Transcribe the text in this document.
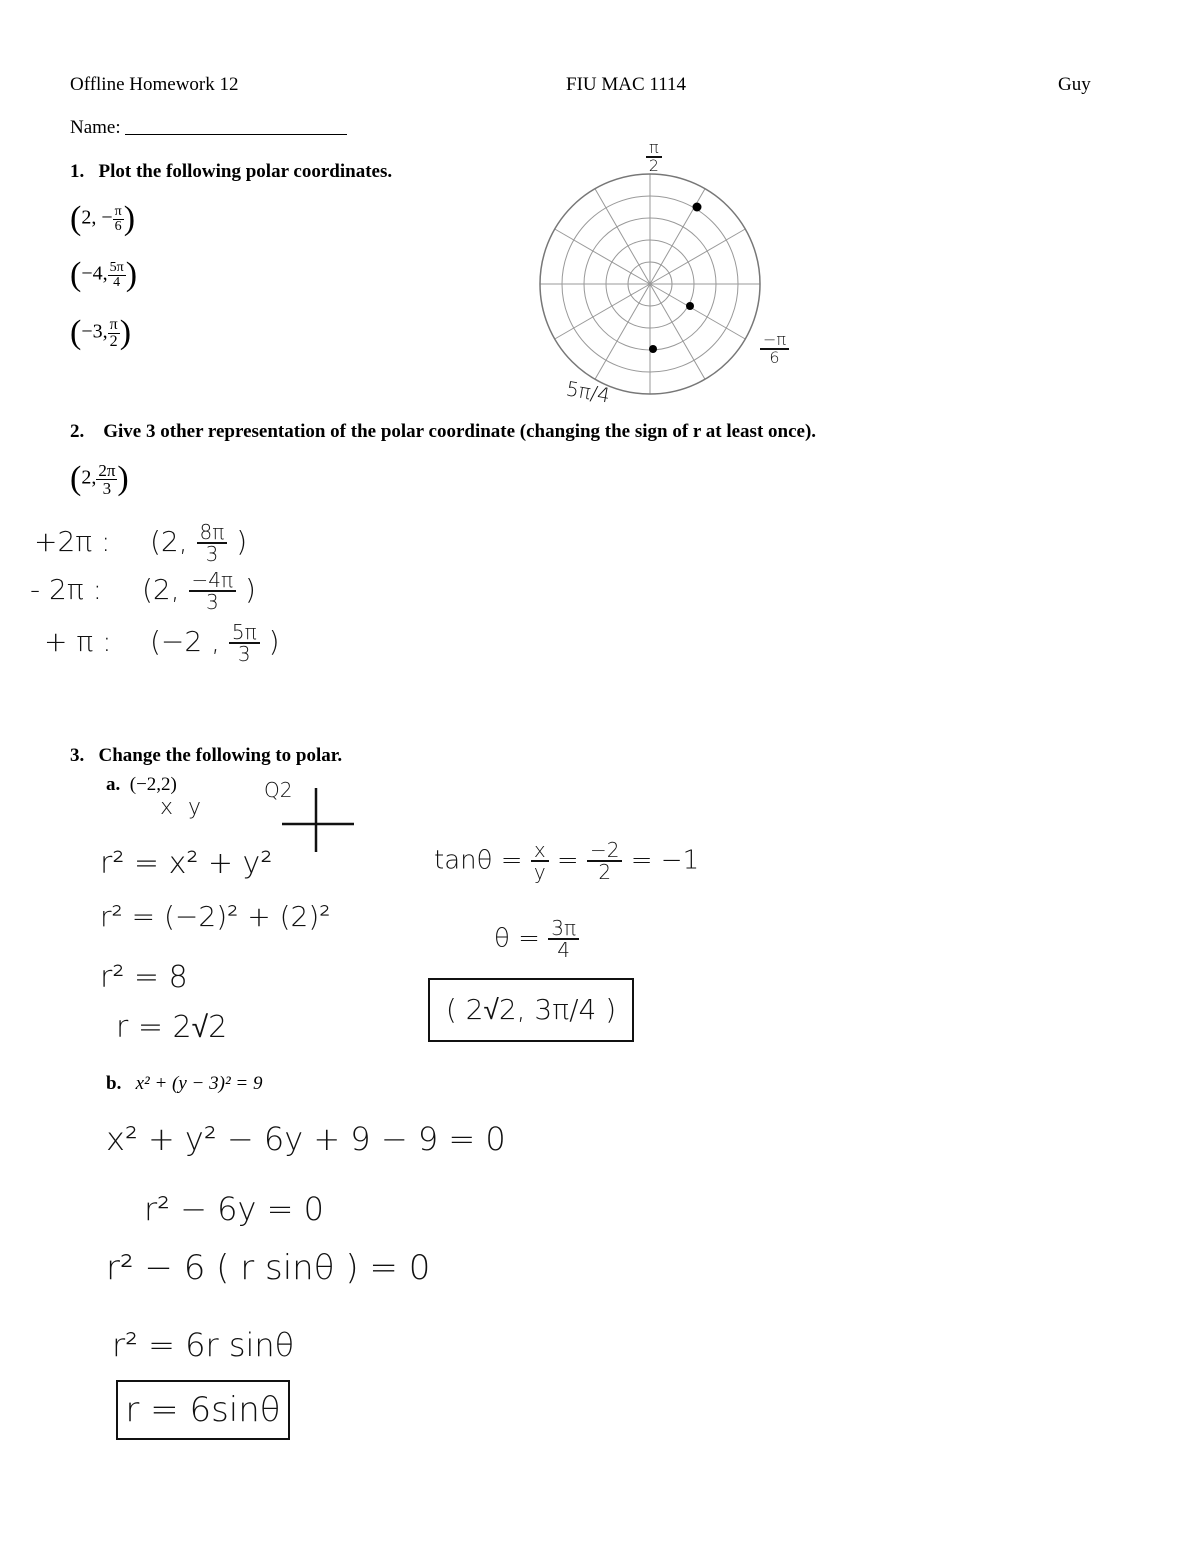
Offline Homework 12	FIU MAC 1114	Guy
Name:
1. Plot the following polar coordinates.
(2, − $\frac{\pi}{6}$ )
(−4, $\frac{5\pi}{4}$ )
(−3, $\frac{\pi}{2}$ )
$\frac{\pi}{2}$
$\frac{-\pi}{6}$
5π/4
2. Give 3 other representation of the polar coordinate (changing the sign of r at least once).
(2, $\frac{2\pi}{3}$ )
+2π : (2, $\frac{8\pi}{3}$ )
- 2π : (2, $\frac{-4\pi}{3}$ )
+ π : (−2 , $\frac{5\pi}{3}$ )
3. Change the following to polar.
a. (−2,2)
x y
Q2
r² = x² + y²
r² = (−2)² + (2)²
r² = 8
r = 2√2
$\tan\theta = \frac{x}{y} = \frac{-2}{2} = -1$
$\theta = \frac{3\pi}{4}$
( 2√2, 3π/4 )
b. x² + (y − 3)² = 9
x² + y² − 6y + 9 − 9 = 0
r² − 6y = 0
r² − 6 ( r sinθ ) = 0
r² = 6r sinθ
r = 6sinθ
